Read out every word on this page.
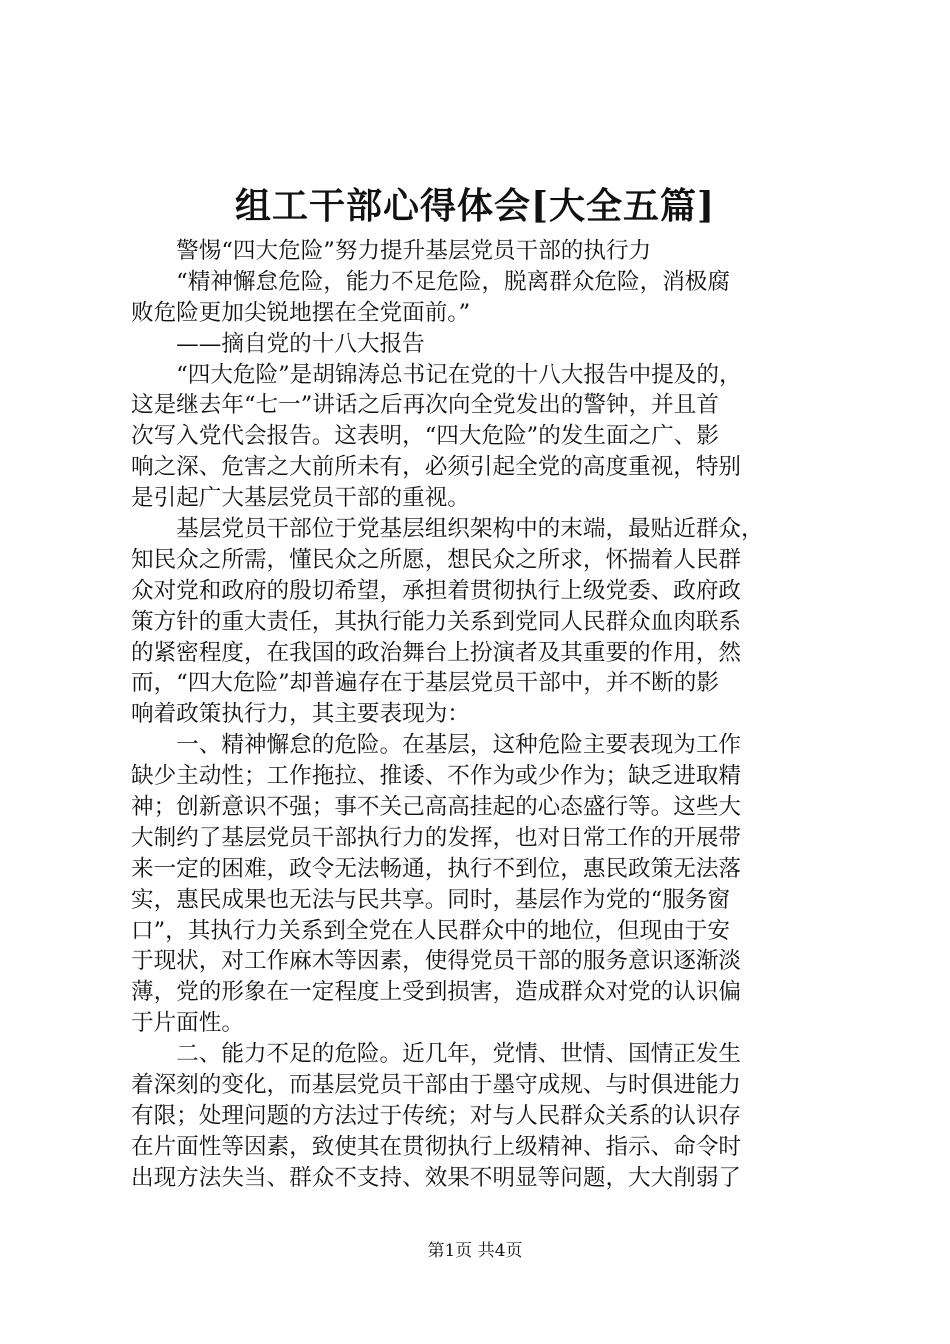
组工干部心得体会[大全五篇]
　　警惕“四大危险”努力提升基层党员干部的执行力
　　“精神懈怠危险，能力不足危险，脱离群众危险，消极腐
败危险更加尖锐地摆在全党面前。”
　　——摘自党的十八大报告
　　“四大危险”是胡锦涛总书记在党的十八大报告中提及的，
这是继去年“七一”讲话之后再次向全党发出的警钟，并且首
次写入党代会报告。这表明，“四大危险”的发生面之广、影
响之深、危害之大前所未有，必须引起全党的高度重视，特别
是引起广大基层党员干部的重视。
　　基层党员干部位于党基层组织架构中的末端，最贴近群众，
知民众之所需，懂民众之所愿，想民众之所求，怀揣着人民群
众对党和政府的殷切希望，承担着贯彻执行上级党委、政府政
策方针的重大责任，其执行能力关系到党同人民群众血肉联系
的紧密程度，在我国的政治舞台上扮演者及其重要的作用，然
而，“四大危险”却普遍存在于基层党员干部中，并不断的影
响着政策执行力，其主要表现为：
　　一、精神懈怠的危险。在基层，这种危险主要表现为工作
缺少主动性；工作拖拉、推诿、不作为或少作为；缺乏进取精
神；创新意识不强；事不关己高高挂起的心态盛行等。这些大
大制约了基层党员干部执行力的发挥，也对日常工作的开展带
来一定的困难，政令无法畅通，执行不到位，惠民政策无法落
实，惠民成果也无法与民共享。同时，基层作为党的“服务窗
口”，其执行力关系到全党在人民群众中的地位，但现由于安
于现状，对工作麻木等因素，使得党员干部的服务意识逐渐淡
薄，党的形象在一定程度上受到损害，造成群众对党的认识偏
于片面性。
　　二、能力不足的危险。近几年，党情、世情、国情正发生
着深刻的变化，而基层党员干部由于墨守成规、与时俱进能力
有限；处理问题的方法过于传统；对与人民群众关系的认识存
在片面性等因素，致使其在贯彻执行上级精神、指示、命令时
出现方法失当、群众不支持、效果不明显等问题，大大削弱了
第1页 共4页
